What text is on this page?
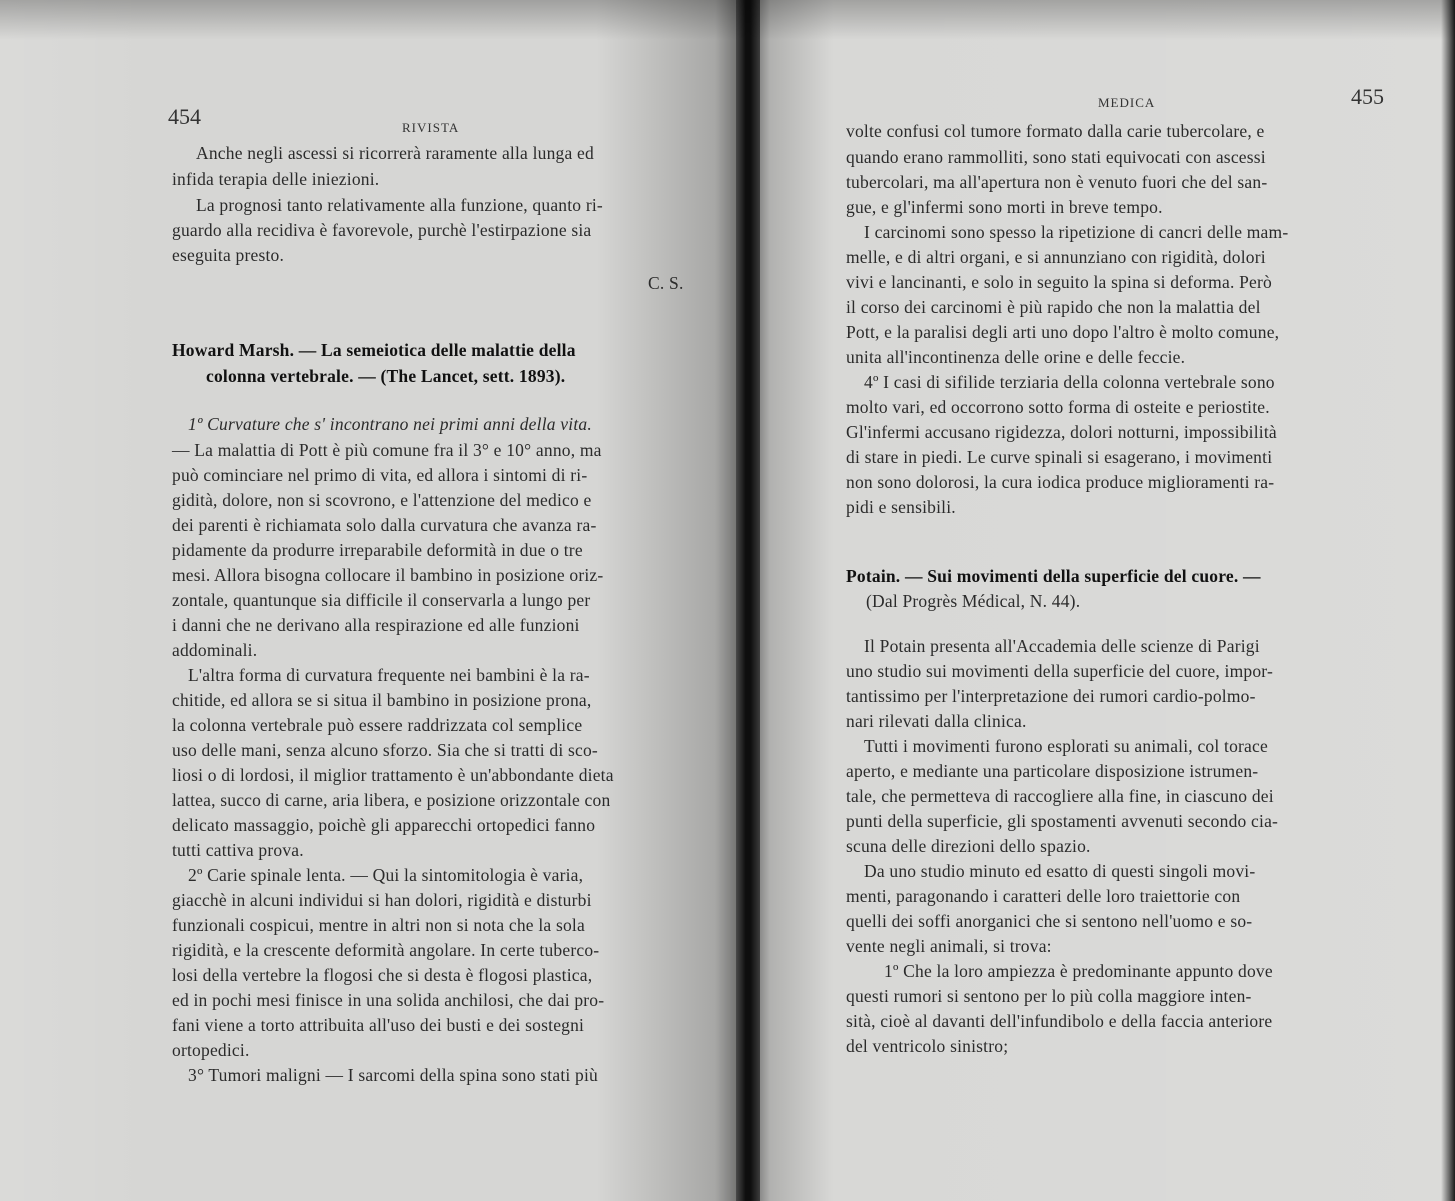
454	RIVISTA
Anche negli ascessi si ricorrerà raramente alla lunga ed
infida terapia delle iniezioni.
La prognosi tanto relativamente alla funzione, quanto ri-
guardo alla recidiva è favorevole, purchè l'estirpazione sia
eseguita presto.
C. S.
Howard Marsh. — La semeiotica delle malattie della
colonna vertebrale. — (The Lancet, sett. 1893).
1º Curvature che s' incontrano nei primi anni della vita.
— La malattia di Pott è più comune fra il 3° e 10° anno, ma
può cominciare nel primo di vita, ed allora i sintomi di ri-
gidità, dolore, non si scovrono, e l'attenzione del medico e
dei parenti è richiamata solo dalla curvatura che avanza ra-
pidamente da produrre irreparabile deformità in due o tre
mesi. Allora bisogna collocare il bambino in posizione oriz-
zontale, quantunque sia difficile il conservarla a lungo per
i danni che ne derivano alla respirazione ed alle funzioni
addominali.
L'altra forma di curvatura frequente nei bambini è la ra-
chitide, ed allora se si situa il bambino in posizione prona,
la colonna vertebrale può essere raddrizzata col semplice
uso delle mani, senza alcuno sforzo. Sia che si tratti di sco-
liosi o di lordosi, il miglior trattamento è un'abbondante dieta
lattea, succo di carne, aria libera, e posizione orizzontale con
delicato massaggio, poichè gli apparecchi ortopedici fanno
tutti cattiva prova.
2º Carie spinale lenta. — Qui la sintomitologia è varia,
giacchè in alcuni individui si han dolori, rigidità e disturbi
funzionali cospicui, mentre in altri non si nota che la sola
rigidità, e la crescente deformità angolare. In certe tuberco-
losi della vertebre la flogosi che si desta è flogosi plastica,
ed in pochi mesi finisce in una solida anchilosi, che dai pro-
fani viene a torto attribuita all'uso dei busti e dei sostegni
ortopedici.
3° Tumori maligni — I sarcomi della spina sono stati più
MEDICA	455
volte confusi col tumore formato dalla carie tubercolare, e
quando erano rammolliti, sono stati equivocati con ascessi
tubercolari, ma all'apertura non è venuto fuori che del san-
gue, e gl'infermi sono morti in breve tempo.
I carcinomi sono spesso la ripetizione di cancri delle mam-
melle, e di altri organi, e si annunziano con rigidità, dolori
vivi e lancinanti, e solo in seguito la spina si deforma. Però
il corso dei carcinomi è più rapido che non la malattia del
Pott, e la paralisi degli arti uno dopo l'altro è molto comune,
unita all'incontinenza delle orine e delle feccie.
4º I casi di sifilide terziaria della colonna vertebrale sono
molto vari, ed occorrono sotto forma di osteite e periostite.
Gl'infermi accusano rigidezza, dolori notturni, impossibilità
di stare in piedi. Le curve spinali si esagerano, i movimenti
non sono dolorosi, la cura iodica produce miglioramenti ra-
pidi e sensibili.
Potain. — Sui movimenti della superficie del cuore. —
(Dal Progrès Médical, N. 44).
Il Potain presenta all'Accademia delle scienze di Parigi
uno studio sui movimenti della superficie del cuore, impor-
tantissimo per l'interpretazione dei rumori cardio-polmo-
nari rilevati dalla clinica.
Tutti i movimenti furono esplorati su animali, col torace
aperto, e mediante una particolare disposizione istrumen-
tale, che permetteva di raccogliere alla fine, in ciascuno dei
punti della superficie, gli spostamenti avvenuti secondo cia-
scuna delle direzioni dello spazio.
Da uno studio minuto ed esatto di questi singoli movi-
menti, paragonando i caratteri delle loro traiettorie con
quelli dei soffi anorganici che si sentono nell'uomo e so-
vente negli animali, si trova:
1º Che la loro ampiezza è predominante appunto dove
questi rumori si sentono per lo più colla maggiore inten-
sità, cioè al davanti dell'infundibolo e della faccia anteriore
del ventricolo sinistro;
